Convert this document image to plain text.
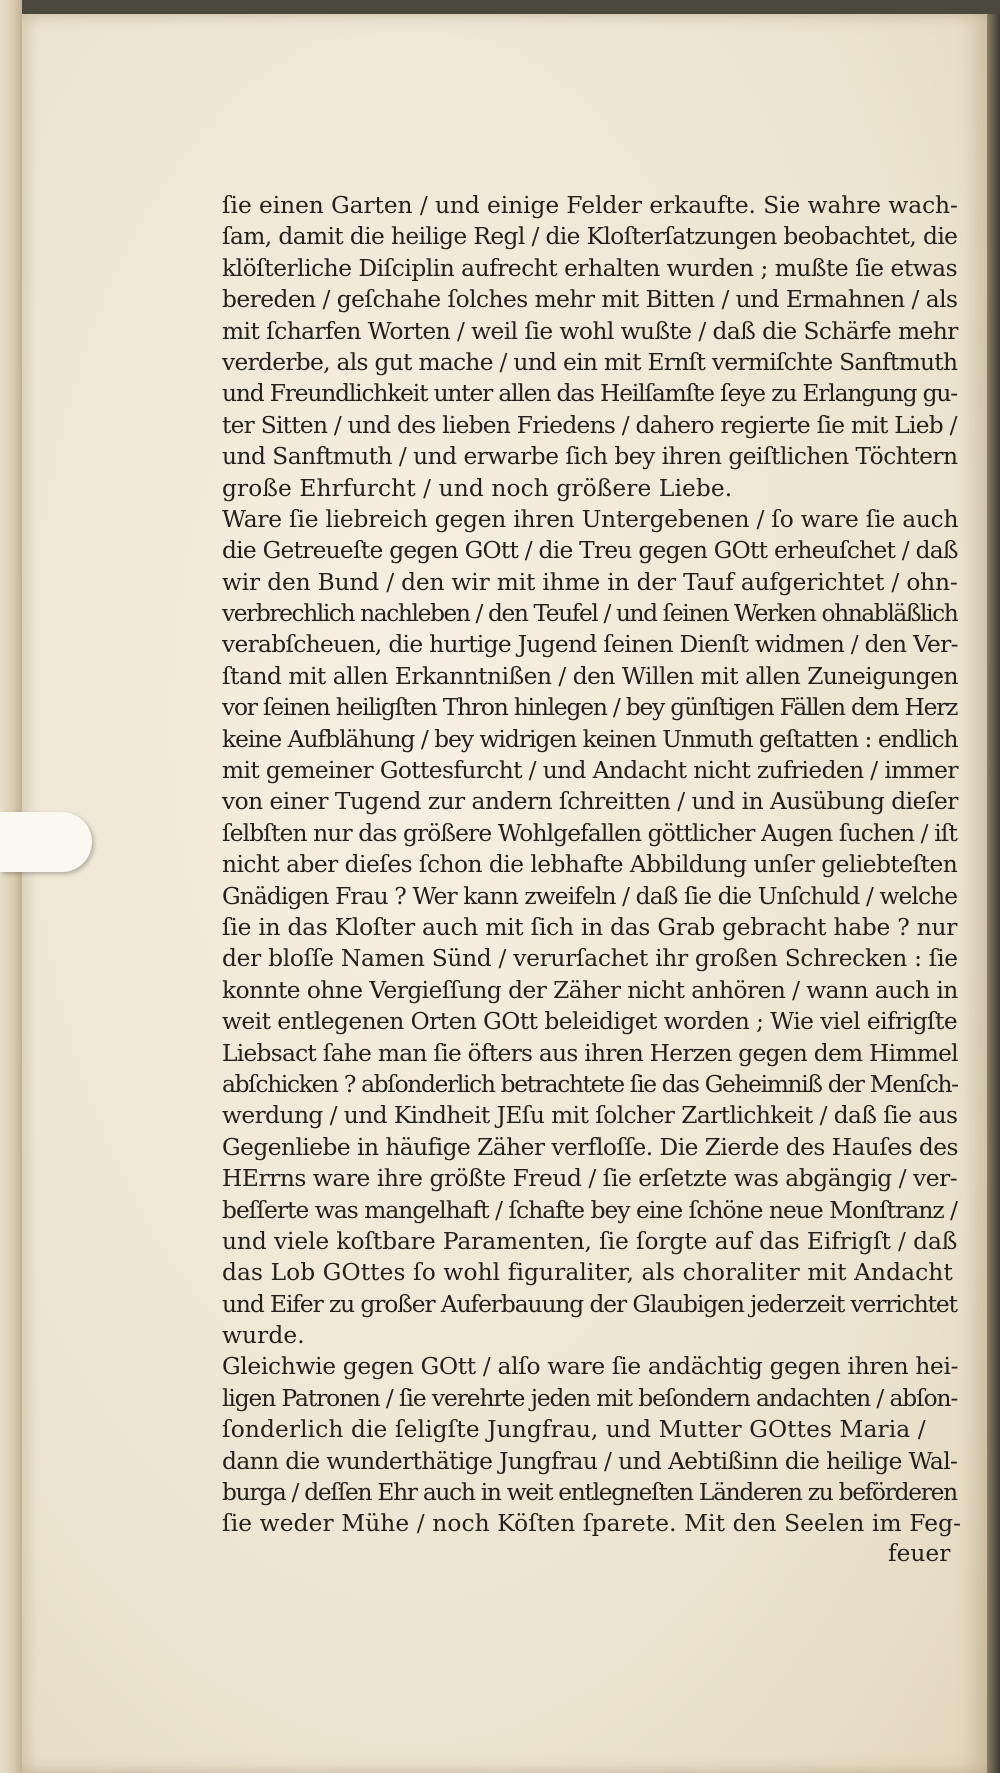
ſie einen Garten / und einige Felder erkaufte. Sie wahre wach-
ſam, damit die heilige Regl / die Kloſterſatzungen beobachtet, die
klöſterliche Diſciplin aufrecht erhalten wurden ; mußte ſie etwas
bereden / geſchahe ſolches mehr mit Bitten / und Ermahnen / als
mit ſcharfen Worten / weil ſie wohl wußte / daß die Schärfe mehr
verderbe, als gut mache / und ein mit Ernſt vermiſchte Sanftmuth
und Freundlichkeit unter allen das Heilſamſte ſeye zu Erlangung gu-
ter Sitten / und des lieben Friedens / dahero regierte ſie mit Lieb /
und Sanftmuth / und erwarbe ſich bey ihren geiſtlichen Töchtern
große Ehrfurcht / und noch größere Liebe.
Ware ſie liebreich gegen ihren Untergebenen / ſo ware ſie auch
die Getreueſte gegen GOtt / die Treu gegen GOtt erheuſchet / daß
wir den Bund / den wir mit ihme in der Tauf aufgerichtet / ohn-
verbrechlich nachleben / den Teufel / und ſeinen Werken ohnabläßlich
verabſcheuen, die hurtige Jugend ſeinen Dienſt widmen / den Ver-
ſtand mit allen Erkanntnißen / den Willen mit allen Zuneigungen
vor ſeinen heiligſten Thron hinlegen / bey günſtigen Fällen dem Herz
keine Aufblähung / bey widrigen keinen Unmuth geſtatten : endlich
mit gemeiner Gottesfurcht / und Andacht nicht zufrieden / immer
von einer Tugend zur andern ſchreitten / und in Ausübung dieſer
ſelbſten nur das größere Wohlgefallen göttlicher Augen ſuchen / iſt
nicht aber dieſes ſchon die lebhafte Abbildung unſer geliebteſten
Gnädigen Frau ? Wer kann zweifeln / daß ſie die Unſchuld / welche
ſie in das Kloſter auch mit ſich in das Grab gebracht habe ? nur
der bloſſe Namen Sünd / verurſachet ihr großen Schrecken : ſie
konnte ohne Vergieſſung der Zäher nicht anhören / wann auch in
weit entlegenen Orten GOtt beleidiget worden ; Wie viel eifrigſte
Liebsact ſahe man ſie öfters aus ihren Herzen gegen dem Himmel
abſchicken ? abſonderlich betrachtete ſie das Geheimniß der Menſch-
werdung / und Kindheit JEſu mit ſolcher Zartlichkeit / daß ſie aus
Gegenliebe in häufige Zäher verfloſſe. Die Zierde des Hauſes des
HErrns ware ihre größte Freud / ſie erſetzte was abgängig / ver-
beſſerte was mangelhaft / ſchafte bey eine ſchöne neue Monſtranz /
und viele koſtbare Paramenten, ſie ſorgte auf das Eifrigſt / daß
das Lob GOttes ſo wohl figuraliter, als choraliter mit Andacht
und Eifer zu großer Auferbauung der Glaubigen jederzeit verrichtet
wurde.
Gleichwie gegen GOtt / alſo ware ſie andächtig gegen ihren hei-
ligen Patronen / ſie verehrte jeden mit beſondern andachten / abſon-
ſonderlich die ſeligſte Jungfrau, und Mutter GOttes Maria /
dann die wunderthätige Jungfrau / und Aebtißinn die heilige Wal-
burga / deſſen Ehr auch in weit entlegneſten Länderen zu beförderen
ſie weder Mühe / noch Köſten ſparete. Mit den Seelen im Feg-
feuer
